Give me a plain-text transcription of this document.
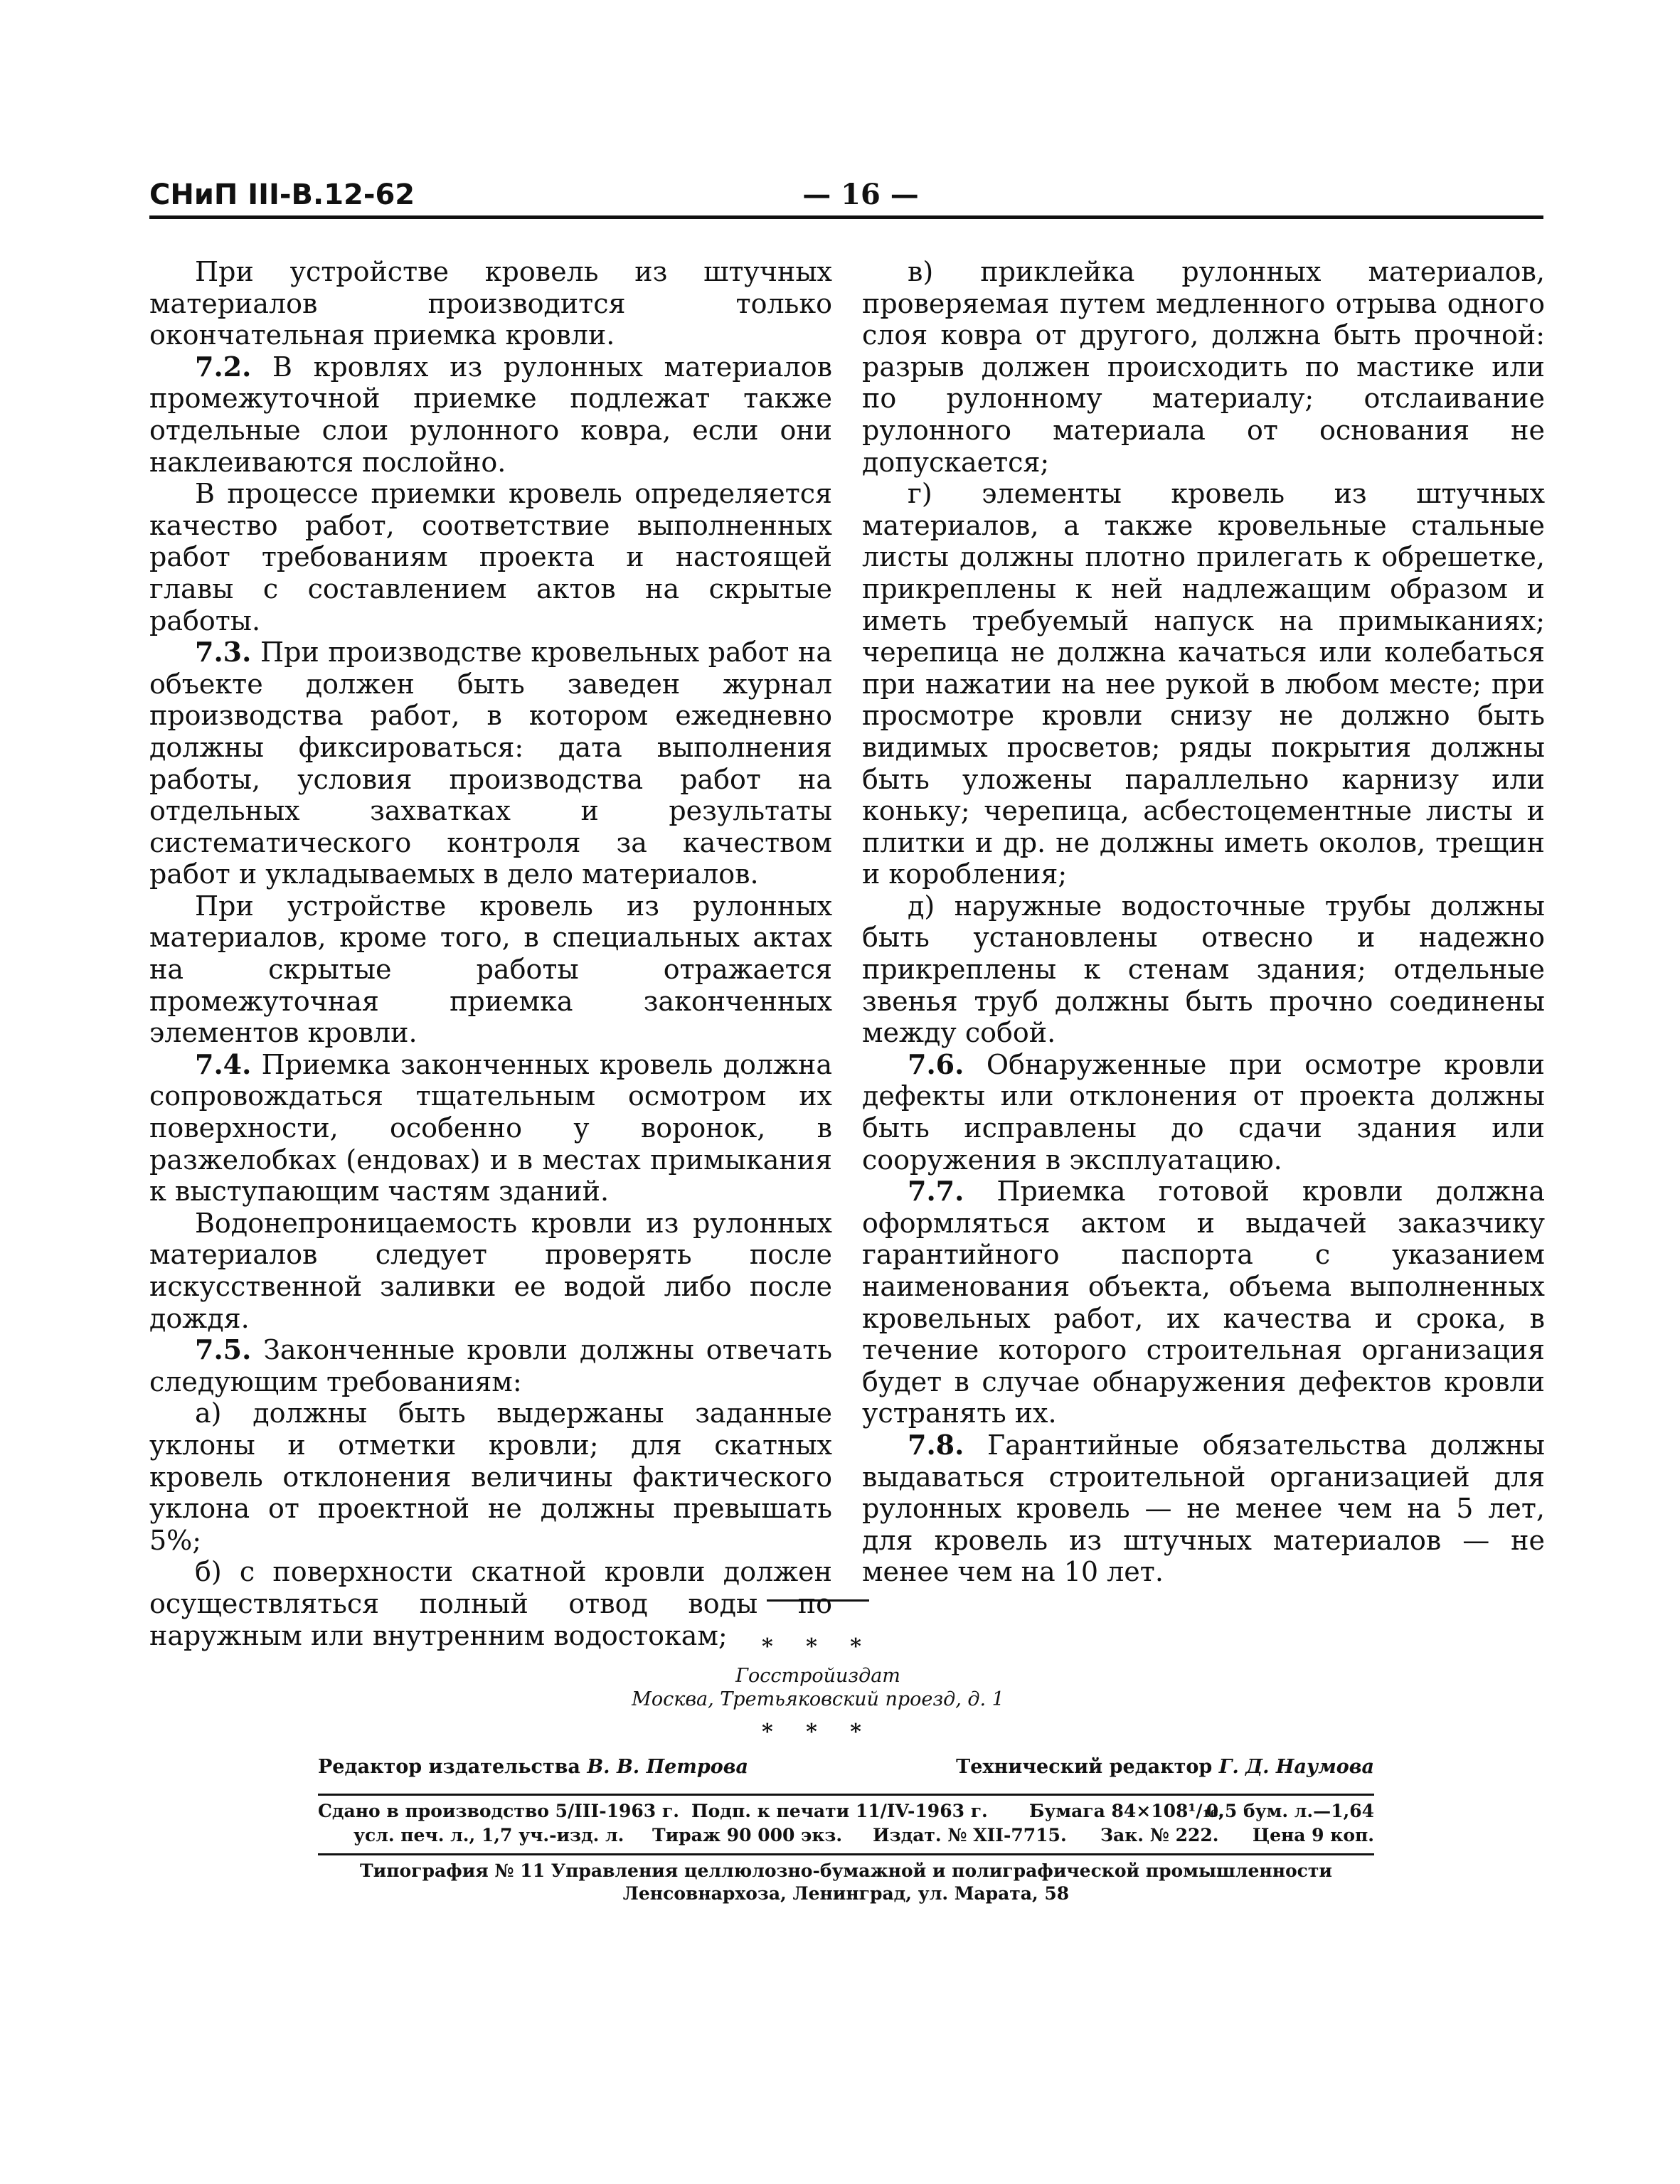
СНиП III-В.12-62	— 16 —

При устройстве кровель из штучных материалов производится только окончательная приемка кровли.

7.2. В кровлях из рулонных материалов промежуточной приемке подлежат также отдельные слои рулонного ковра, если они наклеиваются послойно.

В процессе приемки кровель определяется качество работ, соответствие выполненных работ требованиям проекта и настоящей главы с составлением актов на скрытые работы.

7.3. При производстве кровельных работ на объекте должен быть заведен журнал производства работ, в котором ежедневно должны фиксироваться: дата выполнения работы, условия производства работ на отдельных захватках и результаты систематического контроля за качеством работ и укладываемых в дело материалов.

При устройстве кровель из рулонных материалов, кроме того, в специальных актах на скрытые работы отражается промежуточная приемка законченных элементов кровли.

7.4. Приемка законченных кровель должна сопровождаться тщательным осмотром их поверхности, особенно у воронок, в разжелобках (ендовах) и в местах примыкания к выступающим частям зданий.

Водонепроницаемость кровли из рулонных материалов следует проверять после искусственной заливки ее водой либо после дождя.

7.5. Законченные кровли должны отвечать следующим требованиям:

а) должны быть выдержаны заданные уклоны и отметки кровли; для скатных кровель отклонения величины фактического уклона от проектной не должны превышать 5%;

б) с поверхности скатной кровли должен осуществляться полный отвод воды по наружным или внутренним водостокам;

в) приклейка рулонных материалов, проверяемая путем медленного отрыва одного слоя ковра от другого, должна быть прочной: разрыв должен происходить по мастике или по рулонному материалу; отслаивание рулонного материала от основания не допускается;

г) элементы кровель из штучных материалов, а также кровельные стальные листы должны плотно прилегать к обрешетке, прикреплены к ней надлежащим образом и иметь требуемый напуск на примыканиях; черепица не должна качаться или колебаться при нажатии на нее рукой в любом месте; при просмотре кровли снизу не должно быть видимых просветов; ряды покрытия должны быть уложены параллельно карнизу или коньку; черепица, асбестоцементные листы и плитки и др. не должны иметь околов, трещин и коробления;

д) наружные водосточные трубы должны быть установлены отвесно и надежно прикреплены к стенам здания; отдельные звенья труб должны быть прочно соединены между собой.

7.6. Обнаруженные при осмотре кровли дефекты или отклонения от проекта должны быть исправлены до сдачи здания или сооружения в эксплуатацию.

7.7. Приемка готовой кровли должна оформляться актом и выдачей заказчику гарантийного паспорта с указанием наименования объекта, объема выполненных кровельных работ, их качества и срока, в течение которого строительная организация будет в случае обнаружения дефектов кровли устранять их.

7.8. Гарантийные обязательства должны выдаваться строительной организацией для рулонных кровель — не менее чем на 5 лет, для кровель из штучных материалов — не менее чем на 10 лет.

* * *
Госстройиздат
Москва, Третьяковский проезд, д. 1
* * *
Редактор издательства В. В. Петрова	Технический редактор Г. Д. Наумова
Сдано в производство 5/III-1963 г. Подп. к печати 11/IV-1963 г. Бумага 84×108¹/₁₆.
0,5 бум. л.—1,64
усл. печ. л., 1,7 уч.-изд. л. Тираж 90 000 экз. Издат. № XII-7715. Зак. № 222. Цена 9 коп.
Типография № 11 Управления целлюлозно-бумажной и полиграфической промышленности
Ленсовнархоза, Ленинград, ул. Марата, 58
